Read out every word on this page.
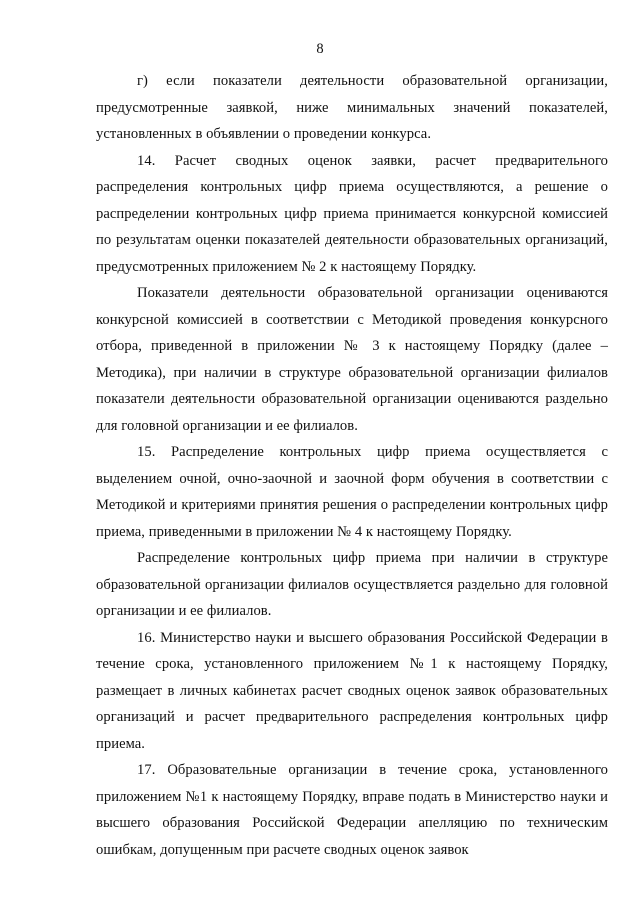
8

г) если показатели деятельности образовательной организации, предусмотренные заявкой, ниже минимальных значений показателей, установленных в объявлении о проведении конкурса.

14. Расчет сводных оценок заявки, расчет предварительного распределения контрольных цифр приема осуществляются, а решение о распределении контрольных цифр приема принимается конкурсной комиссией по результатам оценки показателей деятельности образовательных организаций, предусмотренных приложением № 2 к настоящему Порядку.

Показатели деятельности образовательной организации оцениваются конкурсной комиссией в соответствии с Методикой проведения конкурсного отбора, приведенной в приложении № 3 к настоящему Порядку (далее – Методика), при наличии в структуре образовательной организации филиалов показатели деятельности образовательной организации оцениваются раздельно для головной организации и ее филиалов.

15. Распределение контрольных цифр приема осуществляется с выделением очной, очно-заочной и заочной форм обучения в соответствии с Методикой и критериями принятия решения о распределении контрольных цифр приема, приведенными в приложении № 4 к настоящему Порядку.

Распределение контрольных цифр приема при наличии в структуре образовательной организации филиалов осуществляется раздельно для головной организации и ее филиалов.

16. Министерство науки и высшего образования Российской Федерации в течение срока, установленного приложением №1 к настоящему Порядку, размещает в личных кабинетах расчет сводных оценок заявок образовательных организаций и расчет предварительного распределения контрольных цифр приема.

17. Образовательные организации в течение срока, установленного приложением №1 к настоящему Порядку, вправе подать в Министерство науки и высшего образования Российской Федерации апелляцию по техническим ошибкам, допущенным при расчете сводных оценок заявок
